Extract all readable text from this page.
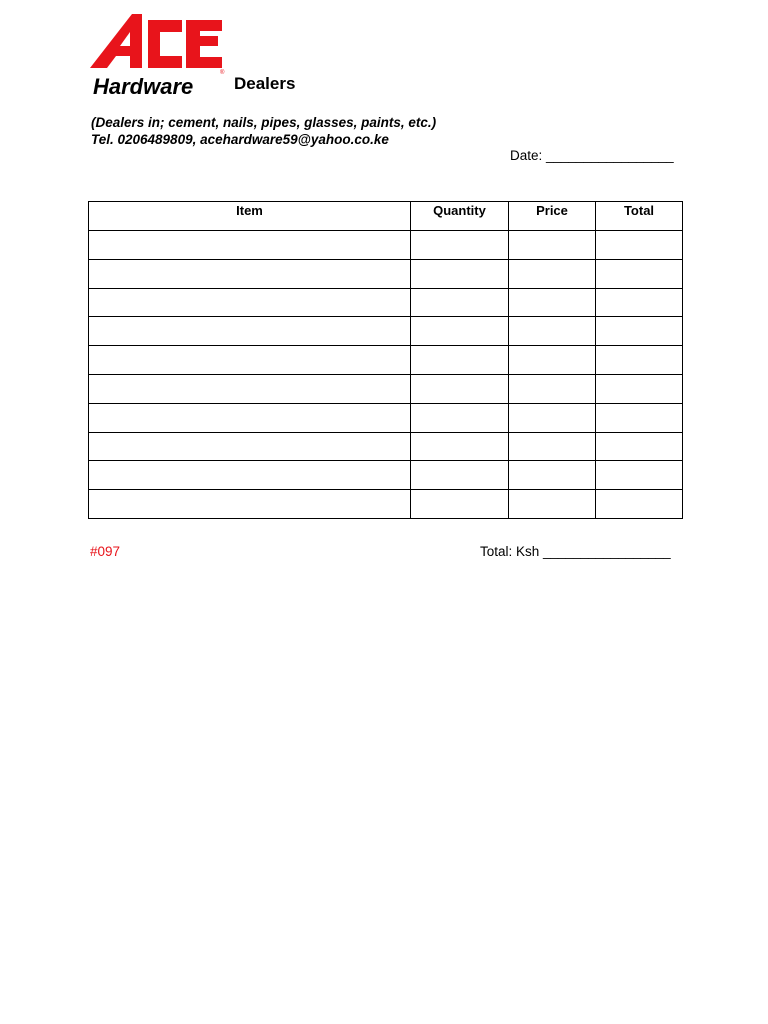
®
Hardware Dealers
(Dealers in; cement, nails, pipes, glasses, paints, etc.)
Tel. 0206489809, acehardware59@yahoo.co.ke
Date: _________________
Item	Quantity	Price	Total

#097	Total: Ksh _________________
